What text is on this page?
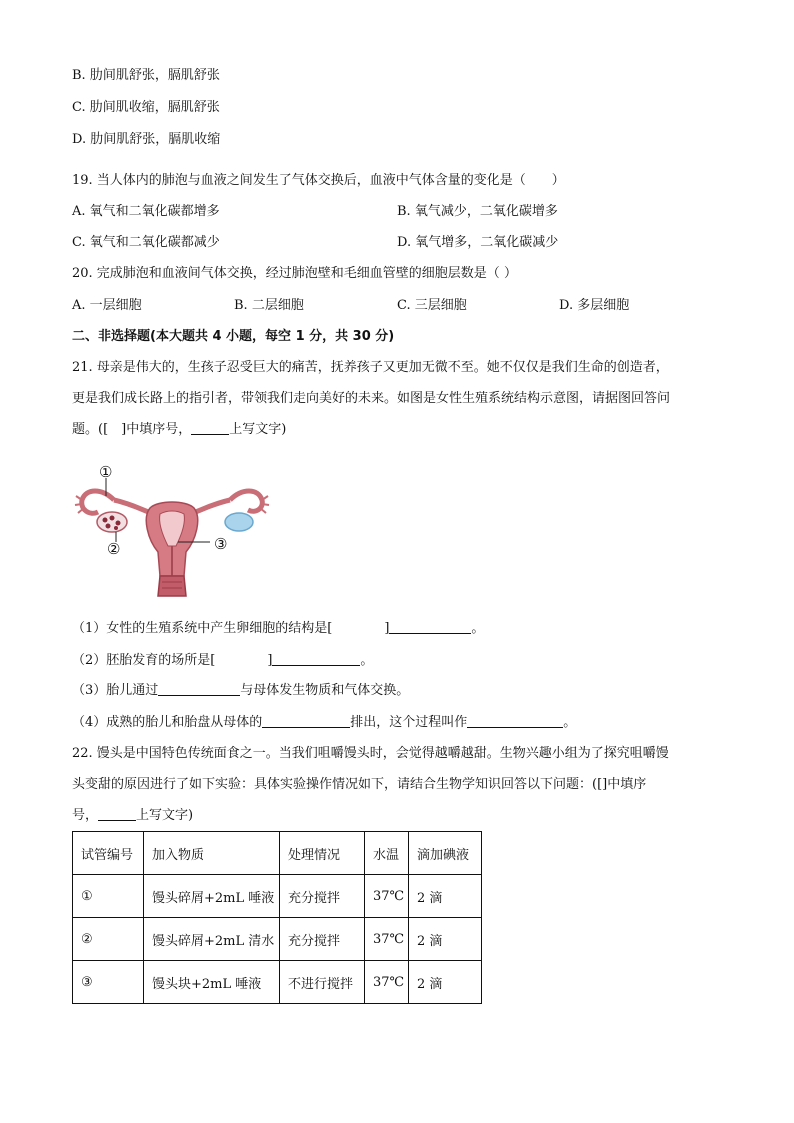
B. 肋间肌舒张，膈肌舒张
C. 肋间肌收缩，膈肌舒张
D. 肋间肌舒张，膈肌收缩
19. 当人体内的肺泡与血液之间发生了气体交换后，血液中气体含量的变化是（　　）
A. 氧气和二氧化碳都增多	B. 氧气减少，二氧化碳增多
C. 氧气和二氧化碳都减少	D. 氧气增多，二氧化碳减少
20. 完成肺泡和血液间气体交换，经过肺泡壁和毛细血管壁的细胞层数是（ ）
A. 一层细胞	B. 二层细胞	C. 三层细胞	D. 多层细胞
二、非选择题(本大题共 4 小题，每空 1 分，共 30 分)
21. 母亲是伟大的，生孩子忍受巨大的痛苦，抚养孩子又更加无微不至。她不仅仅是我们生命的创造者，
更是我们成长路上的指引者，带领我们走向美好的未来。如图是女性生殖系统结构示意图，请据图回答问
题。([　]中填序号，	上写文字)
①
②	③
（1）女性的生殖系统中产生卵细胞的结构是[	]	。
（2）胚胎发育的场所是[	]	。
（3）胎儿通过	与母体发生物质和气体交换。
（4）成熟的胎儿和胎盘从母体的	排出，这个过程叫作	。
22. 馒头是中国特色传统面食之一。当我们咀嚼馒头时，会觉得越嚼越甜。生物兴趣小组为了探究咀嚼馒
头变甜的原因进行了如下实验：具体实验操作情况如下，请结合生物学知识回答以下问题：([]中填序
号，	上写文字)
试管编号	加入物质	处理情况	水温	滴加碘液
①	馒头碎屑+2mL 唾液	充分搅拌	37℃	2 滴
②	馒头碎屑+2mL 清水	充分搅拌	37℃	2 滴
③	馒头块+2mL 唾液	不进行搅拌	37℃	2 滴
